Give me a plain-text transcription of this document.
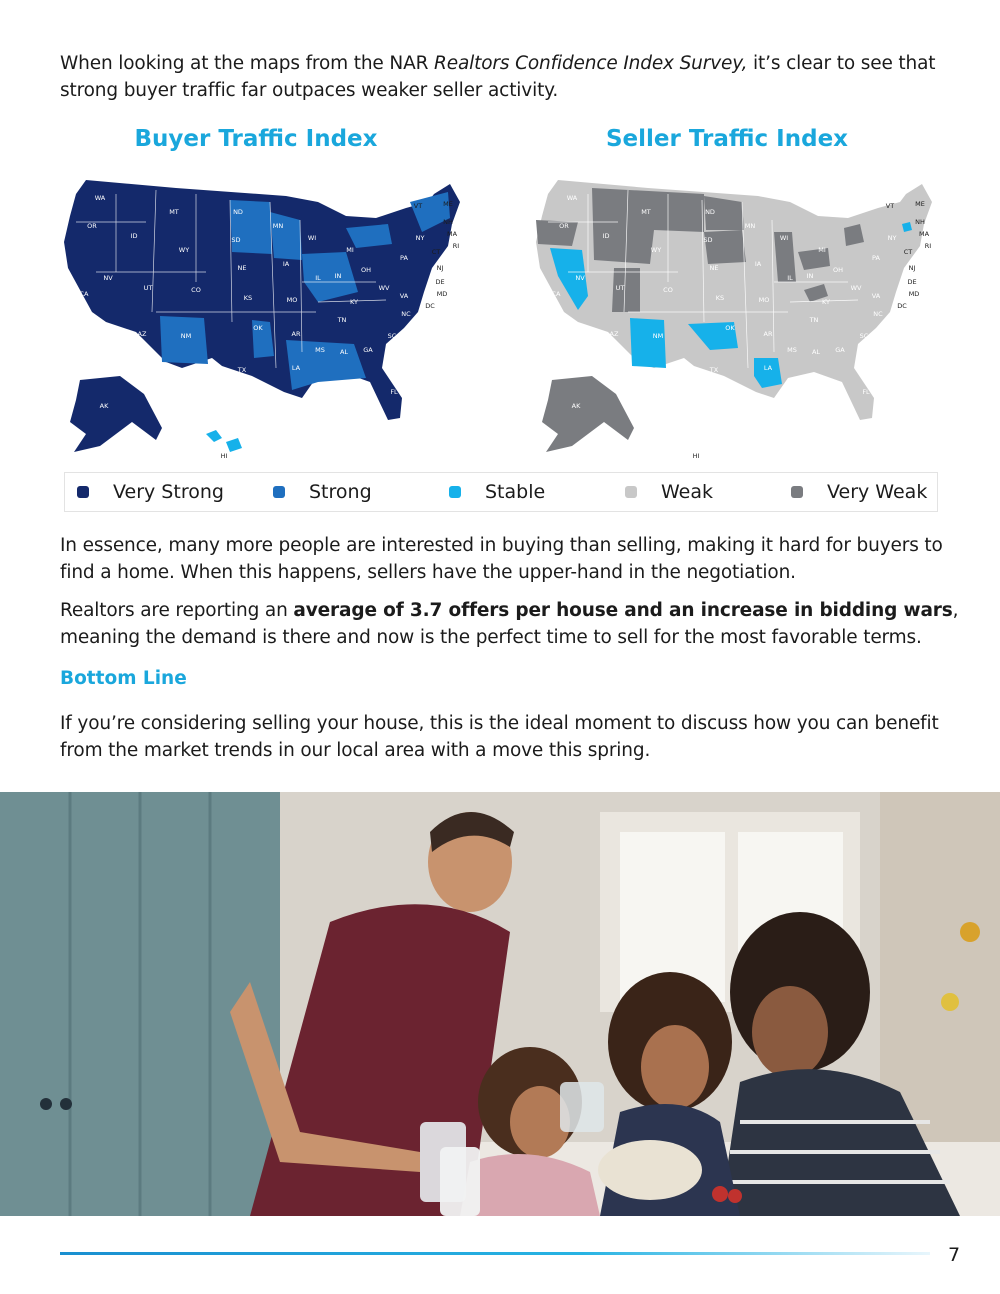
When looking at the maps from the NAR Realtors Confidence Index Survey, it’s clear to see that strong buyer traffic far outpaces weaker seller activity.

Buyer Traffic Index	Seller Traffic Index
WA
MT	ND
MN
WI
MI
OR
ID	SD
WY
NE	IA
IL IN
OH
PA
NY
NV
UT	CO
KS	MO	KY
WV
VA
CA
AZ	NM
OK
AR
TN
NC
SC
MS AL GA
TX	LA
FL
AK
HI
VT
NH
ME
MA
RI
CT
NJ
DE
MD
DC
WA
MT	ND
MN
WI
MI
OR
ID	SD
WY
NE	IA
IL IN
OH
PA
NY
NV
UT	CO
KS	MO	KY
WV
VA
CA
AZ	NM
OK
AR
TN
NC
SC
MS AL GA
TX	LA
FL
AK
HI
VT
NH
ME
MA
RI
CT
NJ
DE
MD
DC
Very Strong	Strong	Stable	Weak	Very Weak

In essence, many more people are interested in buying than selling, making it hard for buyers to find a home. When this happens, sellers have the upper-hand in the negotiation.

Realtors are reporting an average of 3.7 offers per house and an increase in bidding wars, meaning the demand is there and now is the perfect time to sell for the most favorable terms.

Bottom Line

If you’re considering selling your house, this is the ideal moment to discuss how you can benefit from the market trends in our local area with a move this spring.

7
